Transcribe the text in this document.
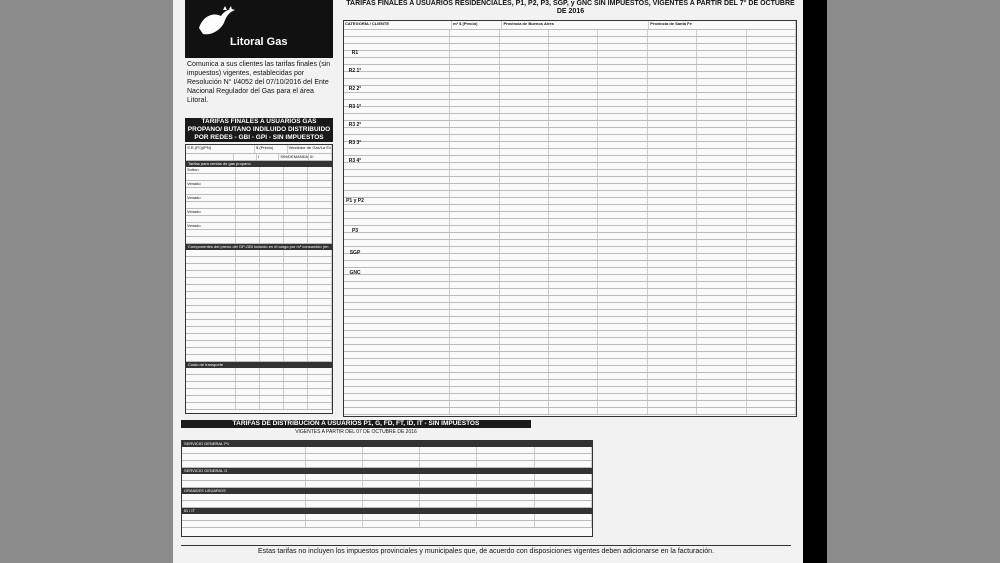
Litoral Gas
Comunica a sus clientes las tarifas finales (sin impuestos) vigentes, establecidas por Resolución N° I/4052 del 07/10/2016 del Ente Nacional Regulador del Gas para el área Litoral.
TARIFAS FINALES A USUARIOS GAS PROPANO/ BUTANO INDILUIDO DISTRIBUIDO POR REDES - GBI - GPI - SIN IMPUESTOS
S.R.(P.I)(IPN)	$ (Precio)	Vendedor de Gas/La Ex
I	SIN/DEMANDA III
Tarifas para ventas de gas propano
Sutton
Venado
Venado
Venado
Venado
Componentes del precio del GP-GBI incluido en el cargo por m³ consumido (en $/m3)
Costo de transporte
TARIFAS FINALES A USUARIOS RESIDENCIALES, P1, P2, P3, SGP, y GNC SIN IMPUESTOS, VIGENTES A PARTIR DEL 7° DE OCTUBRE DE 2016
CATEGORÍA / CLIENTE	m³ $ (Precio)	Provincia de Buenos Aires	Provincia de Santa Fe
R1
R2 1°
R2 2°
R3 1°
R3 2°
R3 3°
R3 4°
P1 y P2
P3
SGP
GNC
TARIFAS DE DISTRIBUCIÓN A USUARIOS P1, G, FD, FT, ID, IT - SIN IMPUESTOS
VIGENTES A PARTIR DEL 07 DE OCTUBRE DE 2016
SERVICIO GENERAL P1
SERVICIO GENERAL G
GRANDES USUARIOS
ID / IT
Estas tarifas no incluyen los impuestos provinciales y municipales que, de acuerdo con disposiciones vigentes deben adicionarse en la facturación.
